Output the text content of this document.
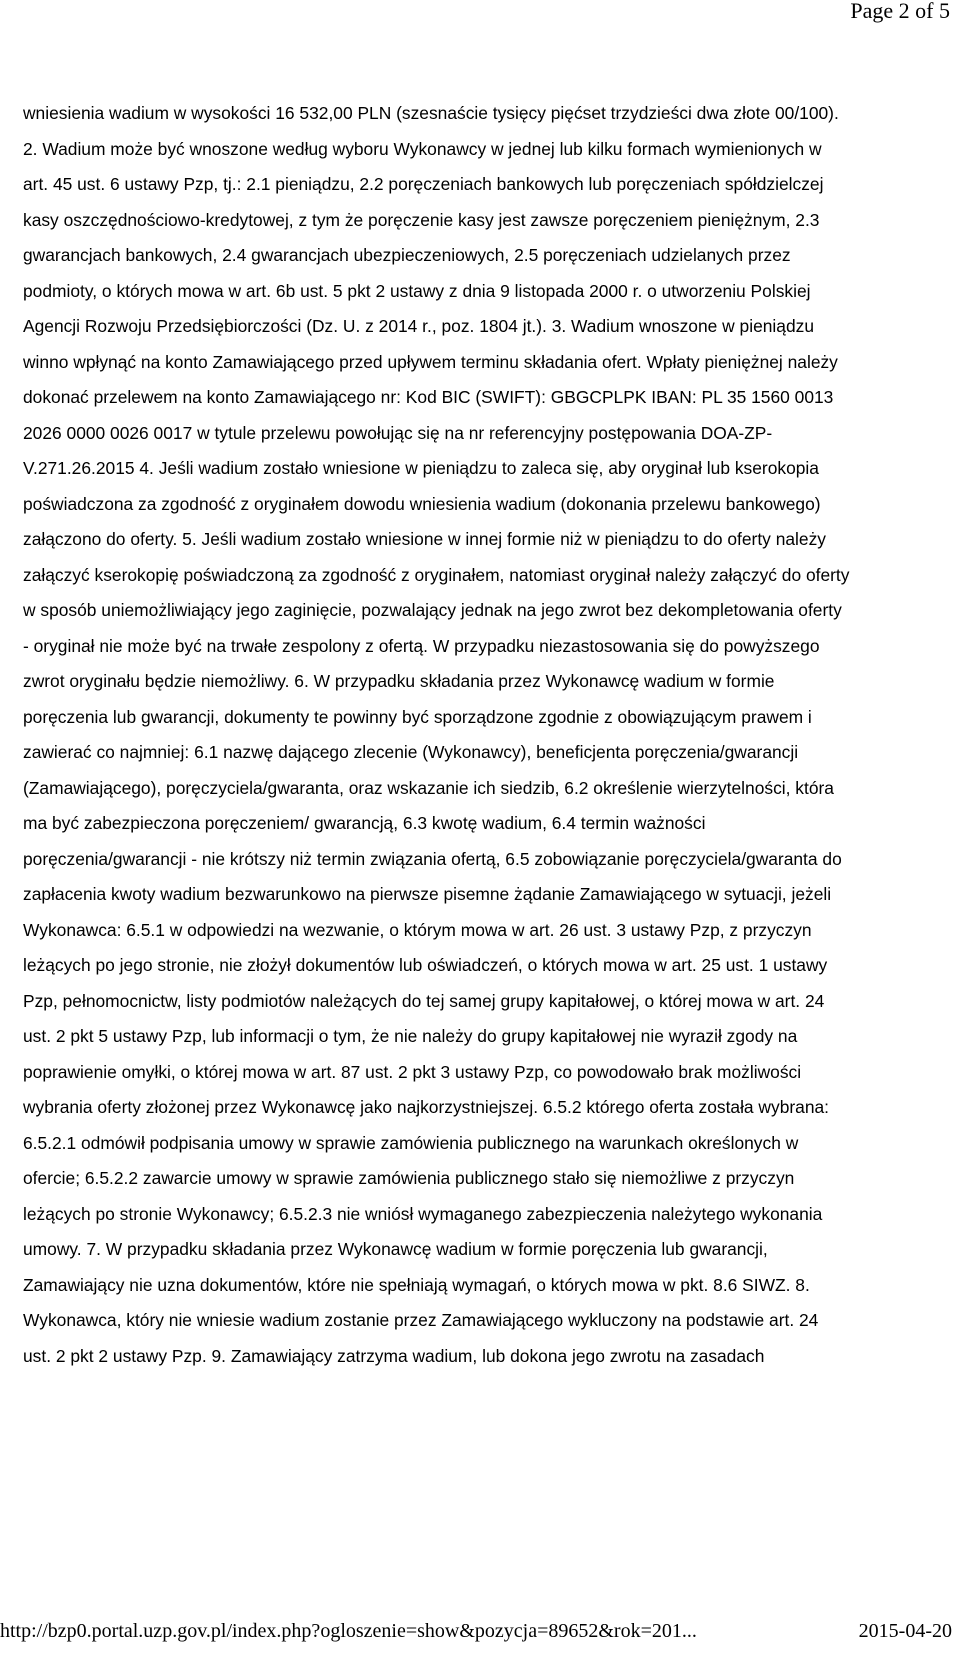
Page 2 of 5
wniesienia wadium w wysokości 16 532,00 PLN (szesnaście tysięcy pięćset trzydzieści dwa złote 00/100).
2. Wadium może być wnoszone według wyboru Wykonawcy w jednej lub kilku formach wymienionych w
art. 45 ust. 6 ustawy Pzp, tj.: 2.1 pieniądzu, 2.2 poręczeniach bankowych lub poręczeniach spółdzielczej
kasy oszczędnościowo-kredytowej, z tym że poręczenie kasy jest zawsze poręczeniem pieniężnym, 2.3
gwarancjach bankowych, 2.4 gwarancjach ubezpieczeniowych, 2.5 poręczeniach udzielanych przez
podmioty, o których mowa w art. 6b ust. 5 pkt 2 ustawy z dnia 9 listopada 2000 r. o utworzeniu Polskiej
Agencji Rozwoju Przedsiębiorczości (Dz. U. z 2014 r., poz. 1804 jt.). 3. Wadium wnoszone w pieniądzu
winno wpłynąć na konto Zamawiającego przed upływem terminu składania ofert. Wpłaty pieniężnej należy
dokonać przelewem na konto Zamawiającego nr: Kod BIC (SWIFT): GBGCPLPK IBAN: PL 35 1560 0013
2026 0000 0026 0017 w tytule przelewu powołując się na nr referencyjny postępowania DOA-ZP-
V.271.26.2015 4. Jeśli wadium zostało wniesione w pieniądzu to zaleca się, aby oryginał lub kserokopia
poświadczona za zgodność z oryginałem dowodu wniesienia wadium (dokonania przelewu bankowego)
załączono do oferty. 5. Jeśli wadium zostało wniesione w innej formie niż w pieniądzu to do oferty należy
załączyć kserokopię poświadczoną za zgodność z oryginałem, natomiast oryginał należy załączyć do oferty
w sposób uniemożliwiający jego zaginięcie, pozwalający jednak na jego zwrot bez dekompletowania oferty
- oryginał nie może być na trwałe zespolony z ofertą. W przypadku niezastosowania się do powyższego
zwrot oryginału będzie niemożliwy. 6. W przypadku składania przez Wykonawcę wadium w formie
poręczenia lub gwarancji, dokumenty te powinny być sporządzone zgodnie z obowiązującym prawem i
zawierać co najmniej: 6.1 nazwę dającego zlecenie (Wykonawcy), beneficjenta poręczenia/gwarancji
(Zamawiającego), poręczyciela/gwaranta, oraz wskazanie ich siedzib, 6.2 określenie wierzytelności, która
ma być zabezpieczona poręczeniem/ gwarancją, 6.3 kwotę wadium, 6.4 termin ważności
poręczenia/gwarancji - nie krótszy niż termin związania ofertą, 6.5 zobowiązanie poręczyciela/gwaranta do
zapłacenia kwoty wadium bezwarunkowo na pierwsze pisemne żądanie Zamawiającego w sytuacji, jeżeli
Wykonawca: 6.5.1 w odpowiedzi na wezwanie, o którym mowa w art. 26 ust. 3 ustawy Pzp, z przyczyn
leżących po jego stronie, nie złożył dokumentów lub oświadczeń, o których mowa w art. 25 ust. 1 ustawy
Pzp, pełnomocnictw, listy podmiotów należących do tej samej grupy kapitałowej, o której mowa w art. 24
ust. 2 pkt 5 ustawy Pzp, lub informacji o tym, że nie należy do grupy kapitałowej nie wyraził zgody na
poprawienie omyłki, o której mowa w art. 87 ust. 2 pkt 3 ustawy Pzp, co powodowało brak możliwości
wybrania oferty złożonej przez Wykonawcę jako najkorzystniejszej. 6.5.2 którego oferta została wybrana:
6.5.2.1 odmówił podpisania umowy w sprawie zamówienia publicznego na warunkach określonych w
ofercie; 6.5.2.2 zawarcie umowy w sprawie zamówienia publicznego stało się niemożliwe z przyczyn
leżących po stronie Wykonawcy; 6.5.2.3 nie wniósł wymaganego zabezpieczenia należytego wykonania
umowy. 7. W przypadku składania przez Wykonawcę wadium w formie poręczenia lub gwarancji,
Zamawiający nie uzna dokumentów, które nie spełniają wymagań, o których mowa w pkt. 8.6 SIWZ. 8.
Wykonawca, który nie wniesie wadium zostanie przez Zamawiającego wykluczony na podstawie art. 24
ust. 2 pkt 2 ustawy Pzp. 9. Zamawiający zatrzyma wadium, lub dokona jego zwrotu na zasadach
http://bzp0.portal.uzp.gov.pl/index.php?ogloszenie=show&pozycja=89652&rok=201...	2015-04-20
